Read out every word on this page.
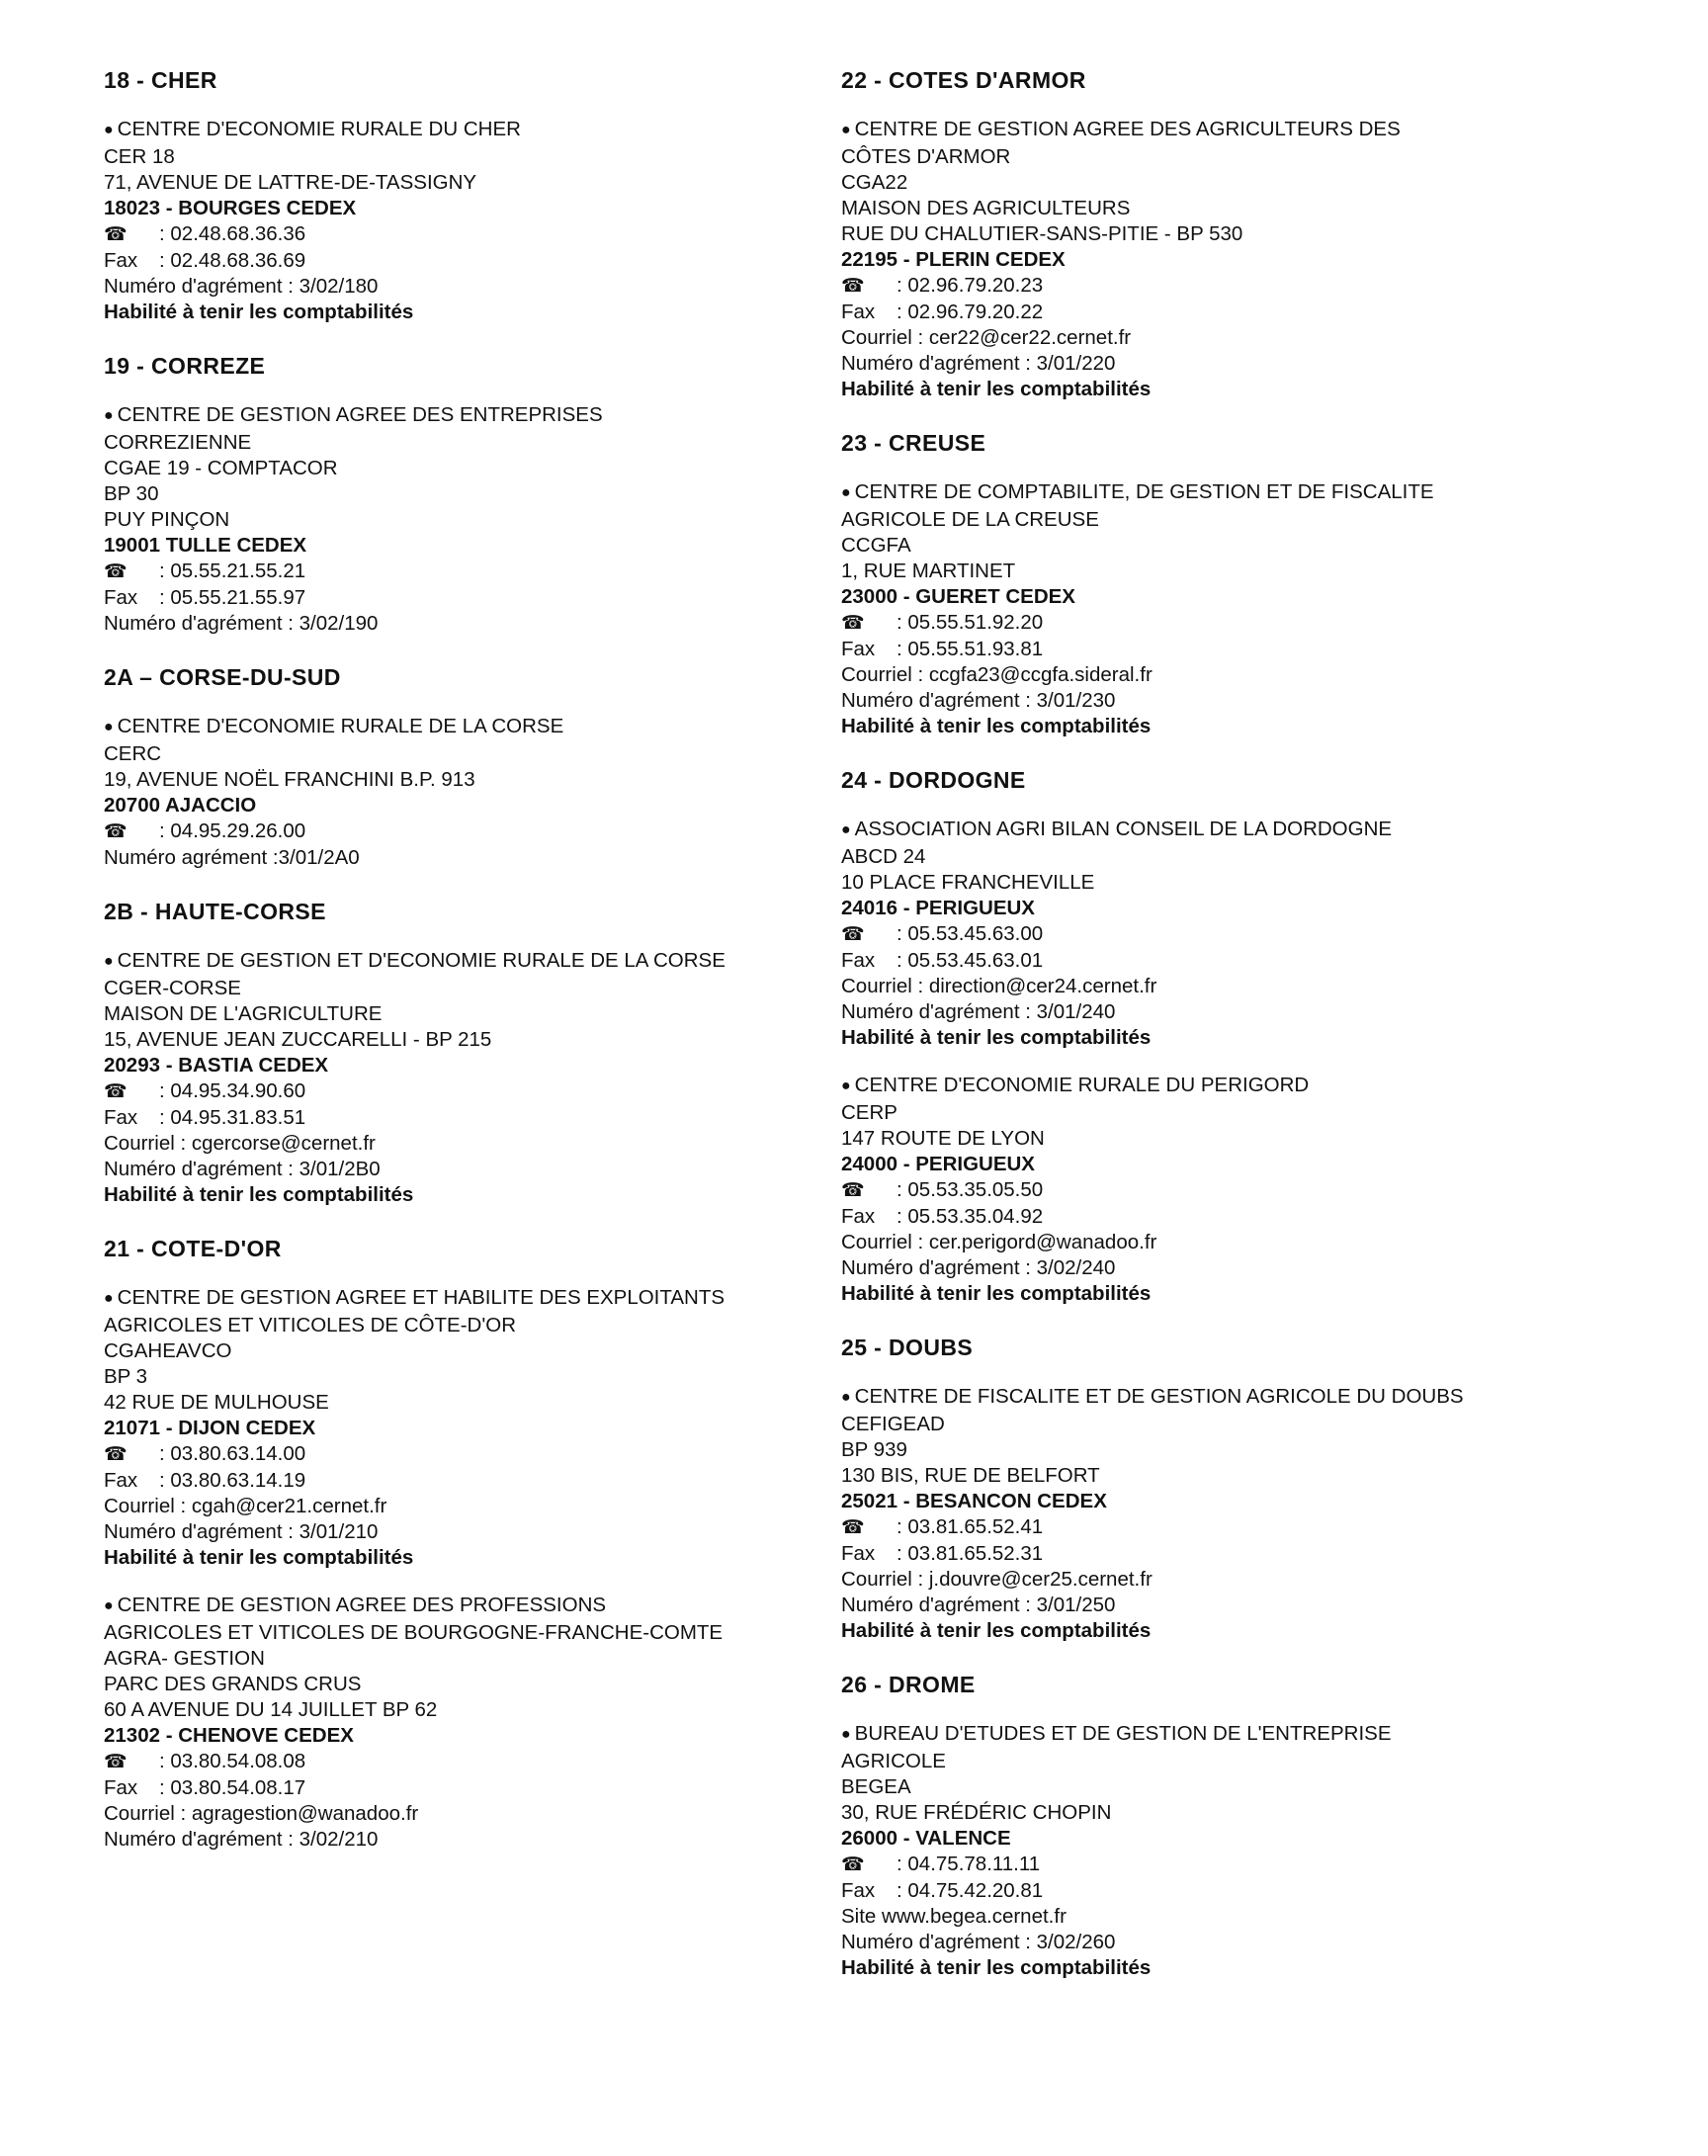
18 - CHER
● CENTRE D'ECONOMIE RURALE DU CHER
CER 18
71, AVENUE DE LATTRE-DE-TASSIGNY
18023 - BOURGES CEDEX
☎ : 02.48.68.36.36
Fax : 02.48.68.36.69
Numéro d'agrément : 3/02/180
Habilité à tenir les comptabilités
19 - CORREZE
● CENTRE DE GESTION AGREE DES ENTREPRISES
CORREZIENNE
CGAE 19 - COMPTACOR
BP 30
PUY PINÇON
19001 TULLE CEDEX
☎ : 05.55.21.55.21
Fax : 05.55.21.55.97
Numéro d'agrément : 3/02/190
2A – CORSE-DU-SUD
● CENTRE D'ECONOMIE RURALE DE LA CORSE
CERC
19, AVENUE NOËL FRANCHINI B.P. 913
20700 AJACCIO
☎ : 04.95.29.26.00
Numéro agrément :3/01/2A0
2B - HAUTE-CORSE
● CENTRE DE GESTION ET D'ECONOMIE RURALE DE LA CORSE
CGER-CORSE
MAISON DE L'AGRICULTURE
15, AVENUE JEAN ZUCCARELLI - BP 215
20293 - BASTIA CEDEX
☎ : 04.95.34.90.60
Fax : 04.95.31.83.51
Courriel : cgercorse@cernet.fr
Numéro d'agrément : 3/01/2B0
Habilité à tenir les comptabilités
21 - COTE-D'OR
● CENTRE DE GESTION AGREE ET HABILITE DES EXPLOITANTS
AGRICOLES ET VITICOLES DE CÔTE-D'OR
CGAHEAVCO
BP 3
42 RUE DE MULHOUSE
21071 - DIJON CEDEX
☎ : 03.80.63.14.00
Fax : 03.80.63.14.19
Courriel : cgah@cer21.cernet.fr
Numéro d'agrément : 3/01/210
Habilité à tenir les comptabilités
● CENTRE DE GESTION AGREE DES PROFESSIONS
AGRICOLES ET VITICOLES DE BOURGOGNE-FRANCHE-COMTE
AGRA- GESTION
PARC DES GRANDS CRUS
60 A AVENUE DU 14 JUILLET BP 62
21302 - CHENOVE CEDEX
☎ : 03.80.54.08.08
Fax : 03.80.54.08.17
Courriel : agragestion@wanadoo.fr
Numéro d'agrément : 3/02/210
22 - COTES D'ARMOR
● CENTRE DE GESTION AGREE DES AGRICULTEURS DES
CÔTES D'ARMOR
CGA22
MAISON DES AGRICULTEURS
RUE DU CHALUTIER-SANS-PITIE - BP 530
22195 - PLERIN CEDEX
☎ : 02.96.79.20.23
Fax : 02.96.79.20.22
Courriel : cer22@cer22.cernet.fr
Numéro d'agrément : 3/01/220
Habilité à tenir les comptabilités
23 - CREUSE
● CENTRE DE COMPTABILITE, DE GESTION ET DE FISCALITE
AGRICOLE DE LA CREUSE
CCGFA
1, RUE MARTINET
23000 - GUERET CEDEX
☎ : 05.55.51.92.20
Fax : 05.55.51.93.81
Courriel : ccgfa23@ccgfa.sideral.fr
Numéro d'agrément : 3/01/230
Habilité à tenir les comptabilités
24 - DORDOGNE
● ASSOCIATION AGRI BILAN CONSEIL DE LA DORDOGNE
ABCD 24
10 PLACE FRANCHEVILLE
24016 - PERIGUEUX
☎ : 05.53.45.63.00
Fax : 05.53.45.63.01
Courriel : direction@cer24.cernet.fr
Numéro d'agrément : 3/01/240
Habilité à tenir les comptabilités
● CENTRE D'ECONOMIE RURALE DU PERIGORD
CERP
147 ROUTE DE LYON
24000 - PERIGUEUX
☎ : 05.53.35.05.50
Fax : 05.53.35.04.92
Courriel : cer.perigord@wanadoo.fr
Numéro d'agrément : 3/02/240
Habilité à tenir les comptabilités
25 - DOUBS
● CENTRE DE FISCALITE ET DE GESTION AGRICOLE DU DOUBS
CEFIGEAD
BP 939
130 BIS, RUE DE BELFORT
25021 - BESANCON CEDEX
☎ : 03.81.65.52.41
Fax : 03.81.65.52.31
Courriel : j.douvre@cer25.cernet.fr
Numéro d'agrément : 3/01/250
Habilité à tenir les comptabilités
26 - DROME
● BUREAU D'ETUDES ET DE GESTION DE L'ENTREPRISE
AGRICOLE
BEGEA
30, RUE FRÉDÉRIC CHOPIN
26000 - VALENCE
☎ : 04.75.78.11.11
Fax : 04.75.42.20.81
Site www.begea.cernet.fr
Numéro d'agrément : 3/02/260
Habilité à tenir les comptabilités
